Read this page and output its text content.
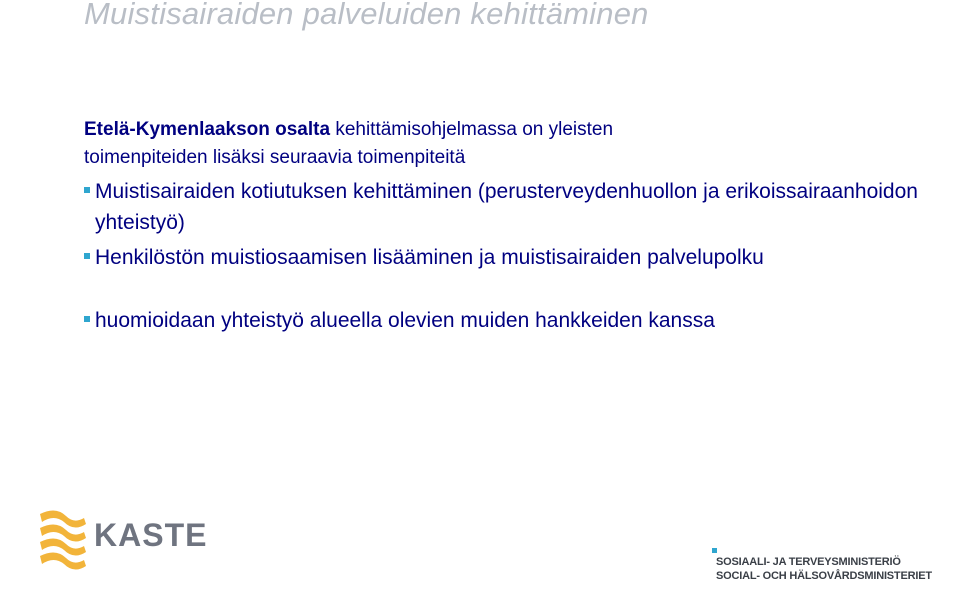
Muistisairaiden palveluiden kehittäminen
Etelä-Kymenlaakson osalta kehittämisohjelmassa on yleisten
toimenpiteiden lisäksi seuraavia toimenpiteitä
Muistisairaiden kotiutuksen kehittäminen (perusterveydenhuollon ja erikoissairaanhoidon yhteistyö)
Henkilöstön muistiosaamisen lisääminen ja muistisairaiden palvelupolku
huomioidaan yhteistyö alueella olevien muiden hankkeiden kanssa
KASTE
SOSIAALI- JA TERVEYSMINISTERIÖ
SOCIAL- OCH HÄLSOVÅRDSMINISTERIET
